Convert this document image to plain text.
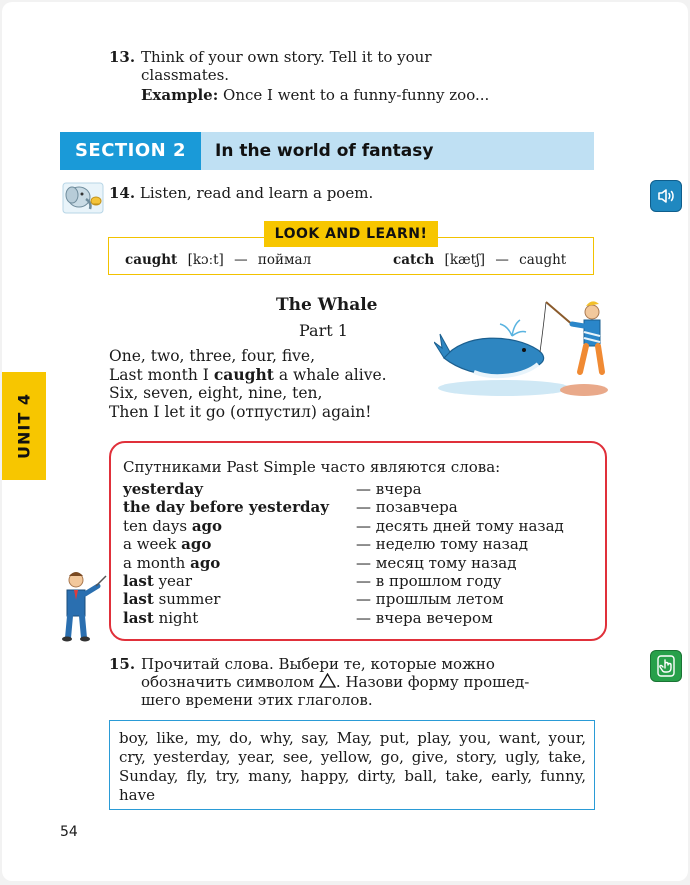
13. Think of your own story. Tell it to your
classmates.
Example: Once I went to a funny-funny zoo...
SECTION 2	In the world of fantasy
14. Listen, read and learn a poem.
caught [kɔːt] — поймал	catch [kætʃ] — caught
LOOK AND LEARN!
The Whale
Part 1
One, two, three, four, five,
Last month I caught a whale alive.
Six, seven, eight, nine, ten,
Then I let it go (отпустил) again!
UNIT 4
Спутниками Past Simple часто являются слова:
yesterday	— вчера
the day before yesterday — позавчера
ten days ago	— десять дней тому назад
a week ago	— неделю тому назад
a month ago	— месяц тому назад
last year	— в прошлом году
last summer	— прошлым летом
last night	— вчера вечером
15. Прочитай слова. Выбери те, которые можно
обозначить символом . Назови форму прошед-
шего времени этих глаголов.
boy, like, my, do, why, say, May, put, play, you, want, your, cry, yesterday, year, see, yellow, go, give, story, ugly, take, Sunday, fly, try, many, happy, dirty, ball, take, early, funny, have
54
